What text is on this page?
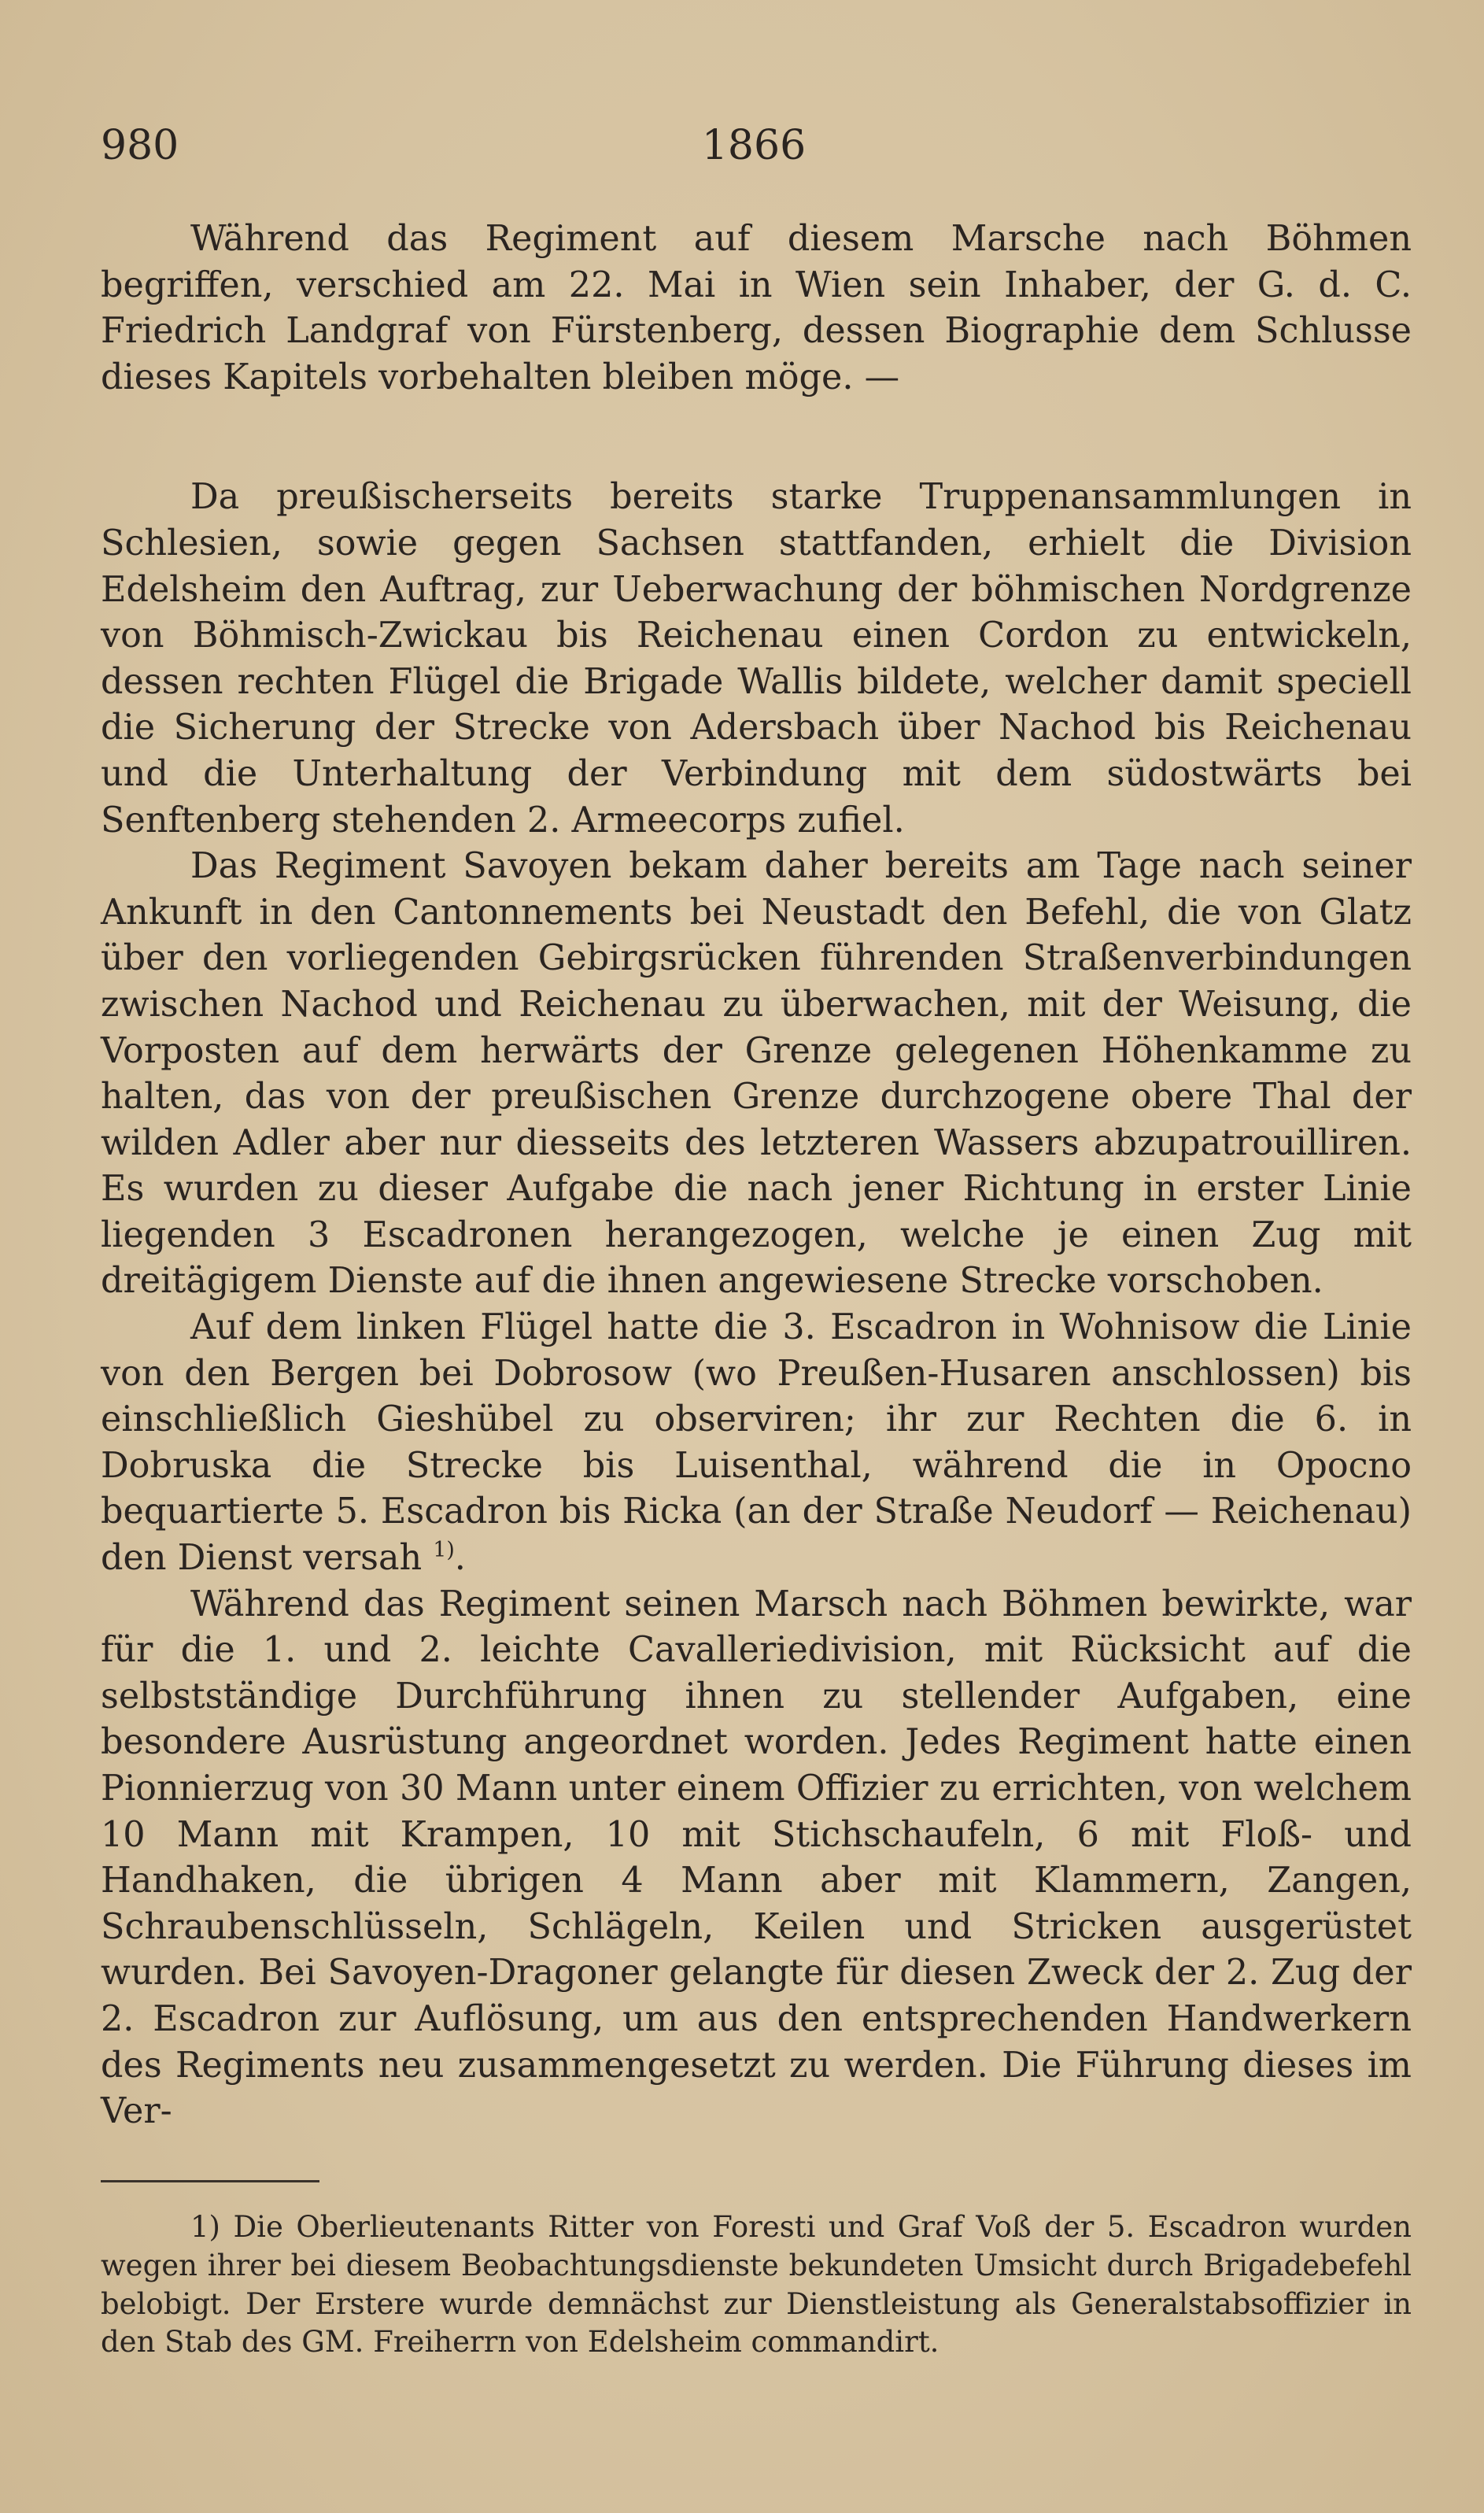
980	1866

Während das Regiment auf diesem Marsche nach Böhmen begriffen, verschied am 22. Mai in Wien sein Inhaber, der G. d. C. Friedrich Landgraf von Fürstenberg, dessen Biographie dem Schlusse dieses Kapitels vorbehalten bleiben möge. —

Da preußischerseits bereits starke Truppenansammlungen in Schlesien, sowie gegen Sachsen stattfanden, erhielt die Division Edelsheim den Auftrag, zur Ueberwachung der böhmischen Nordgrenze von Böhmisch-Zwickau bis Reichenau einen Cordon zu entwickeln, dessen rechten Flügel die Brigade Wallis bildete, welcher damit speciell die Sicherung der Strecke von Adersbach über Nachod bis Reichenau und die Unterhaltung der Verbindung mit dem südostwärts bei Senftenberg stehenden 2. Armeecorps zufiel.

Das Regiment Savoyen bekam daher bereits am Tage nach seiner Ankunft in den Cantonnements bei Neustadt den Befehl, die von Glatz über den vorliegenden Gebirgsrücken führenden Straßenverbindungen zwischen Nachod und Reichenau zu überwachen, mit der Weisung, die Vorposten auf dem herwärts der Grenze gelegenen Höhenkamme zu halten, das von der preußischen Grenze durchzogene obere Thal der wilden Adler aber nur diesseits des letzteren Wassers abzupatrouilliren. Es wurden zu dieser Aufgabe die nach jener Richtung in erster Linie liegenden 3 Escadronen herangezogen, welche je einen Zug mit dreitägigem Dienste auf die ihnen angewiesene Strecke vorschoben.

Auf dem linken Flügel hatte die 3. Escadron in Wohnisow die Linie von den Bergen bei Dobrosow (wo Preußen-Husaren anschlossen) bis einschließlich Gieshübel zu observiren; ihr zur Rechten die 6. in Dobruska die Strecke bis Luisenthal, während die in Opocno bequartierte 5. Escadron bis Ricka (an der Straße Neudorf — Reichenau) den Dienst versah $^{1)}$.

Während das Regiment seinen Marsch nach Böhmen bewirkte, war für die 1. und 2. leichte Cavalleriedivision, mit Rücksicht auf die selbstständige Durchführung ihnen zu stellender Aufgaben, eine besondere Ausrüstung angeordnet worden. Jedes Regiment hatte einen Pionnierzug von 30 Mann unter einem Offizier zu errichten, von welchem 10 Mann mit Krampen, 10 mit Stichschaufeln, 6 mit Floß- und Handhaken, die übrigen 4 Mann aber mit Klammern, Zangen, Schraubenschlüsseln, Schlägeln, Keilen und Stricken ausgerüstet wurden. Bei Savoyen-Dragoner gelangte für diesen Zweck der 2. Zug der 2. Escadron zur Auflösung, um aus den entsprechenden Handwerkern des Regiments neu zusammengesetzt zu werden. Die Führung dieses im Ver-

1) Die Oberlieutenants Ritter von Foresti und Graf Voß der 5. Escadron wurden wegen ihrer bei diesem Beobachtungsdienste bekundeten Umsicht durch Brigadebefehl belobigt. Der Erstere wurde demnächst zur Dienstleistung als Generalstabsoffizier in den Stab des GM. Freiherrn von Edelsheim commandirt.
